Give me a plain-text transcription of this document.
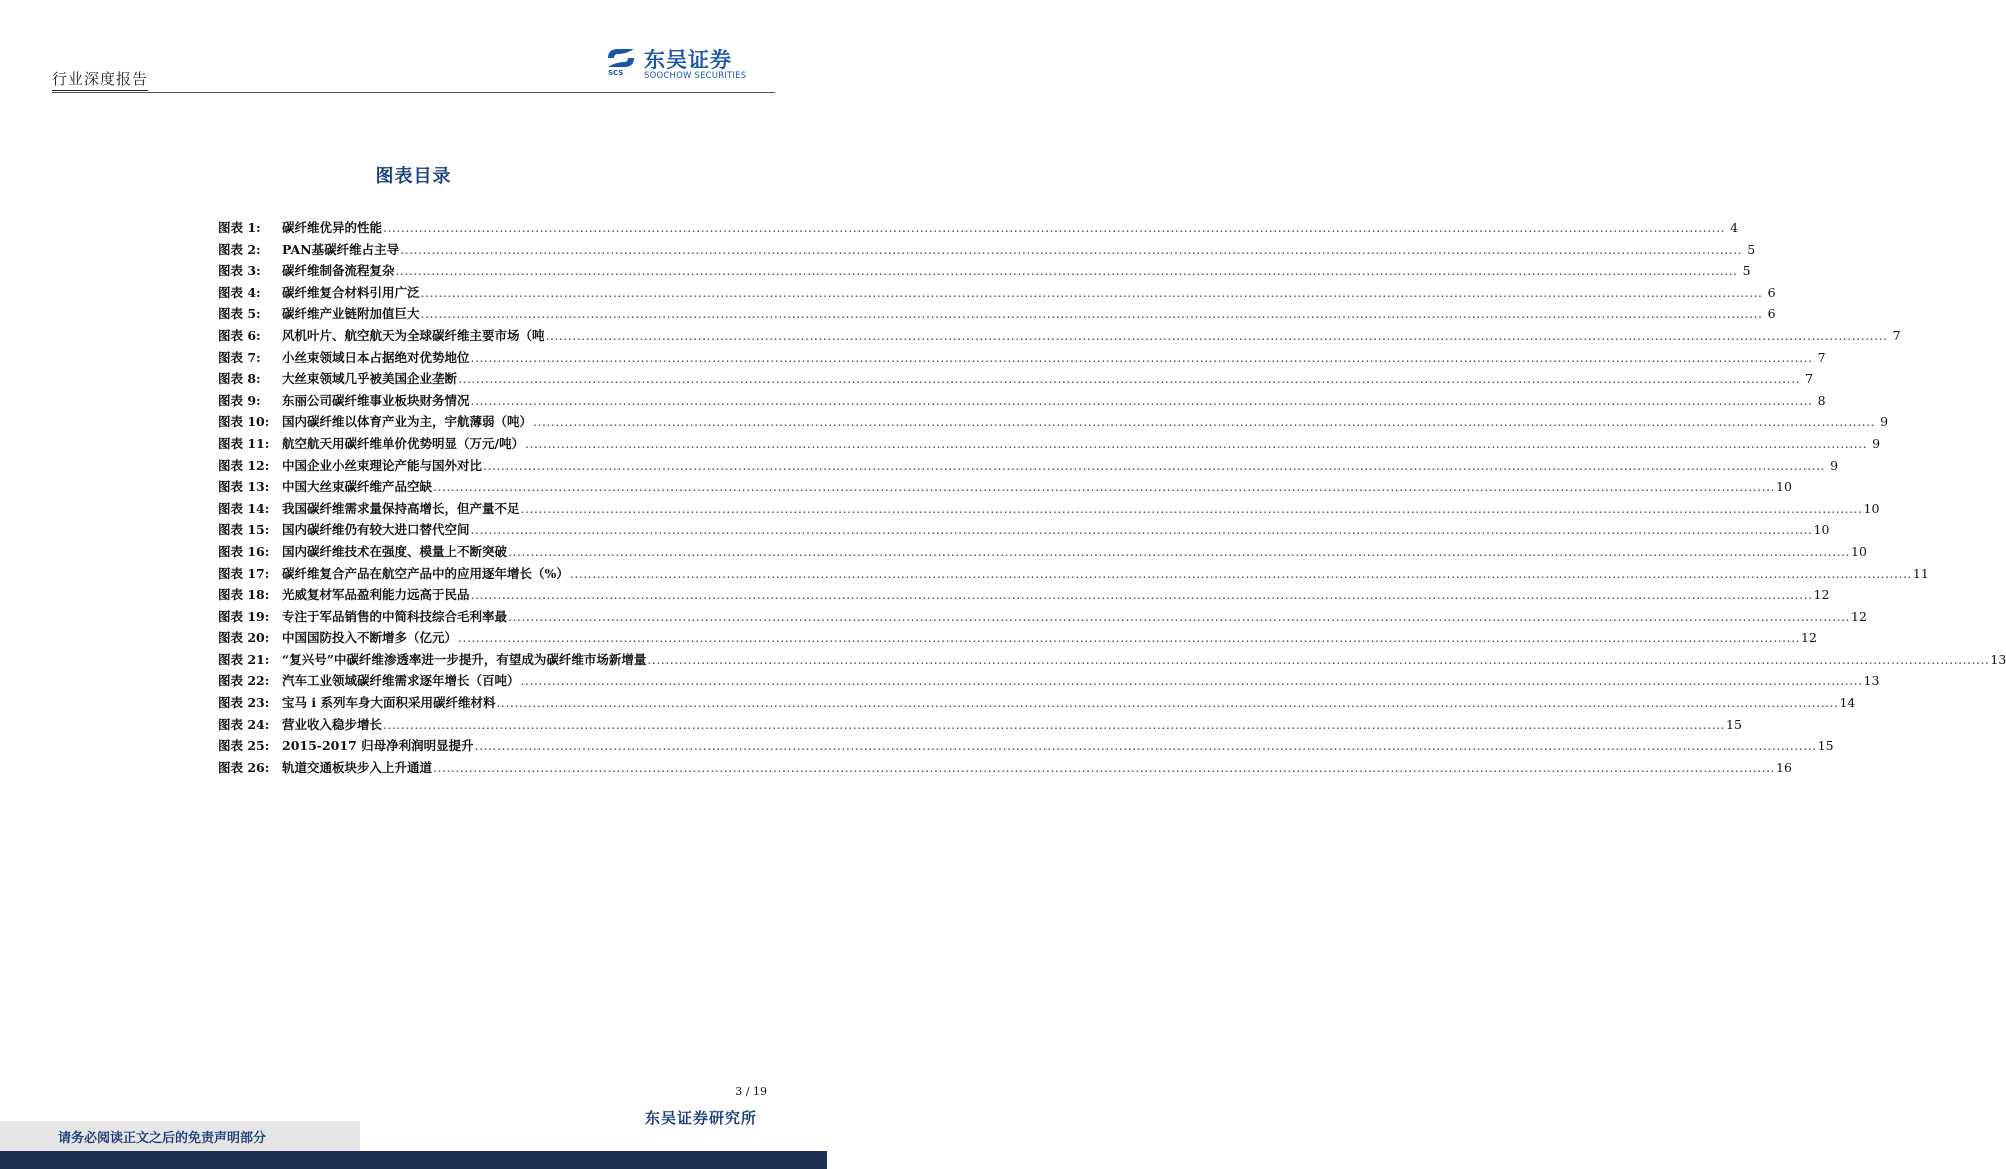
行业深度报告	SCS
东吴证券
SOOCHOW SECURITIES
图表目录
图表 1:	碳纤维优异的性能 ............................................................................................................................................................................................................................................................................................................ 4
图表 2:	PAN基碳纤维占主导 ............................................................................................................................................................................................................................................................................................................ 5
图表 3:	碳纤维制备流程复杂 ............................................................................................................................................................................................................................................................................................................ 5
图表 4:	碳纤维复合材料引用广泛 ............................................................................................................................................................................................................................................................................................................ 6
图表 5:	碳纤维产业链附加值巨大 ............................................................................................................................................................................................................................................................................................................ 6
图表 6:	风机叶片、航空航天为全球碳纤维主要市场（吨 ............................................................................................................................................................................................................................................................................................................ 7
图表 7:	小丝束领域日本占据绝对优势地位 ............................................................................................................................................................................................................................................................................................................ 7
图表 8:	大丝束领域几乎被美国企业垄断 ............................................................................................................................................................................................................................................................................................................ 7
图表 9:	东丽公司碳纤维事业板块财务情况 ............................................................................................................................................................................................................................................................................................................ 8
图表 10:	国内碳纤维以体育产业为主，宇航薄弱（吨） ............................................................................................................................................................................................................................................................................................................ 9
图表 11:	航空航天用碳纤维单价优势明显（万元/吨） ............................................................................................................................................................................................................................................................................................................ 9
图表 12:	中国企业小丝束理论产能与国外对比 ............................................................................................................................................................................................................................................................................................................ 9
图表 13:	中国大丝束碳纤维产品空缺 ............................................................................................................................................................................................................................................................................................................ 10
图表 14:	我国碳纤维需求量保持高增长，但产量不足 ............................................................................................................................................................................................................................................................................................................ 10
图表 15:	国内碳纤维仍有较大进口替代空间 ............................................................................................................................................................................................................................................................................................................ 10
图表 16:	国内碳纤维技术在强度、模量上不断突破 ............................................................................................................................................................................................................................................................................................................ 10
图表 17:	碳纤维复合产品在航空产品中的应用逐年增长（%） ............................................................................................................................................................................................................................................................................................................ 11
图表 18:	光威复材军品盈利能力远高于民品 ............................................................................................................................................................................................................................................................................................................ 12
图表 19:	专注于军品销售的中简科技综合毛利率最 ............................................................................................................................................................................................................................................................................................................ 12
图表 20:	中国国防投入不断增多（亿元） ............................................................................................................................................................................................................................................................................................................ 12
图表 21:	“复兴号”中碳纤维渗透率进一步提升，有望成为碳纤维市场新增量 ............................................................................................................................................................................................................................................................................................................ 13
图表 22:	汽车工业领域碳纤维需求逐年增长（百吨） ............................................................................................................................................................................................................................................................................................................ 13
图表 23:	宝马 i 系列车身大面积采用碳纤维材料 ............................................................................................................................................................................................................................................................................................................ 14
图表 24:	营业收入稳步增长 ............................................................................................................................................................................................................................................................................................................ 15
图表 25:	2015-2017 归母净利润明显提升 ............................................................................................................................................................................................................................................................................................................ 15
图表 26:	轨道交通板块步入上升通道 ............................................................................................................................................................................................................................................................................................................ 16
3 / 19
东吴证券研究所
请务必阅读正文之后的免责声明部分
